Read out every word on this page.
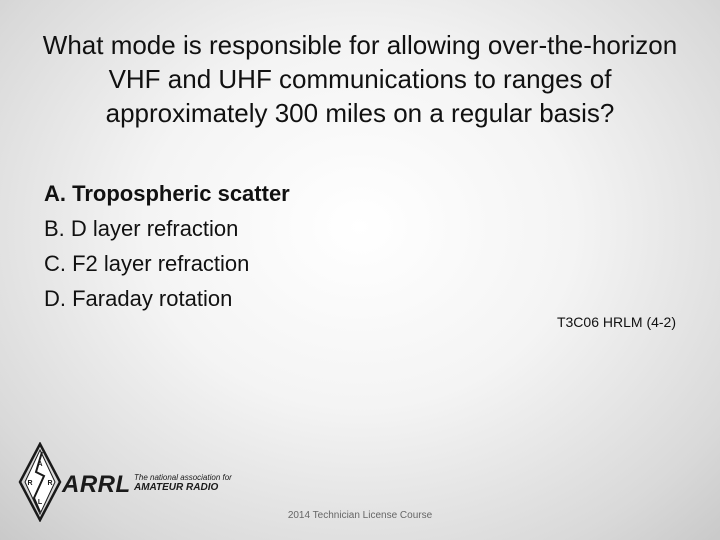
What mode is responsible for allowing over-the-horizon VHF and UHF communications to ranges of approximately 300 miles on a regular basis?
A. Tropospheric scatter
B. D layer refraction
C. F2 layer refraction
D. Faraday rotation
T3C06 HRLM (4-2)
A
R R
L
ARRL The national association for
AMATEUR RADIO
2014 Technician License Course
